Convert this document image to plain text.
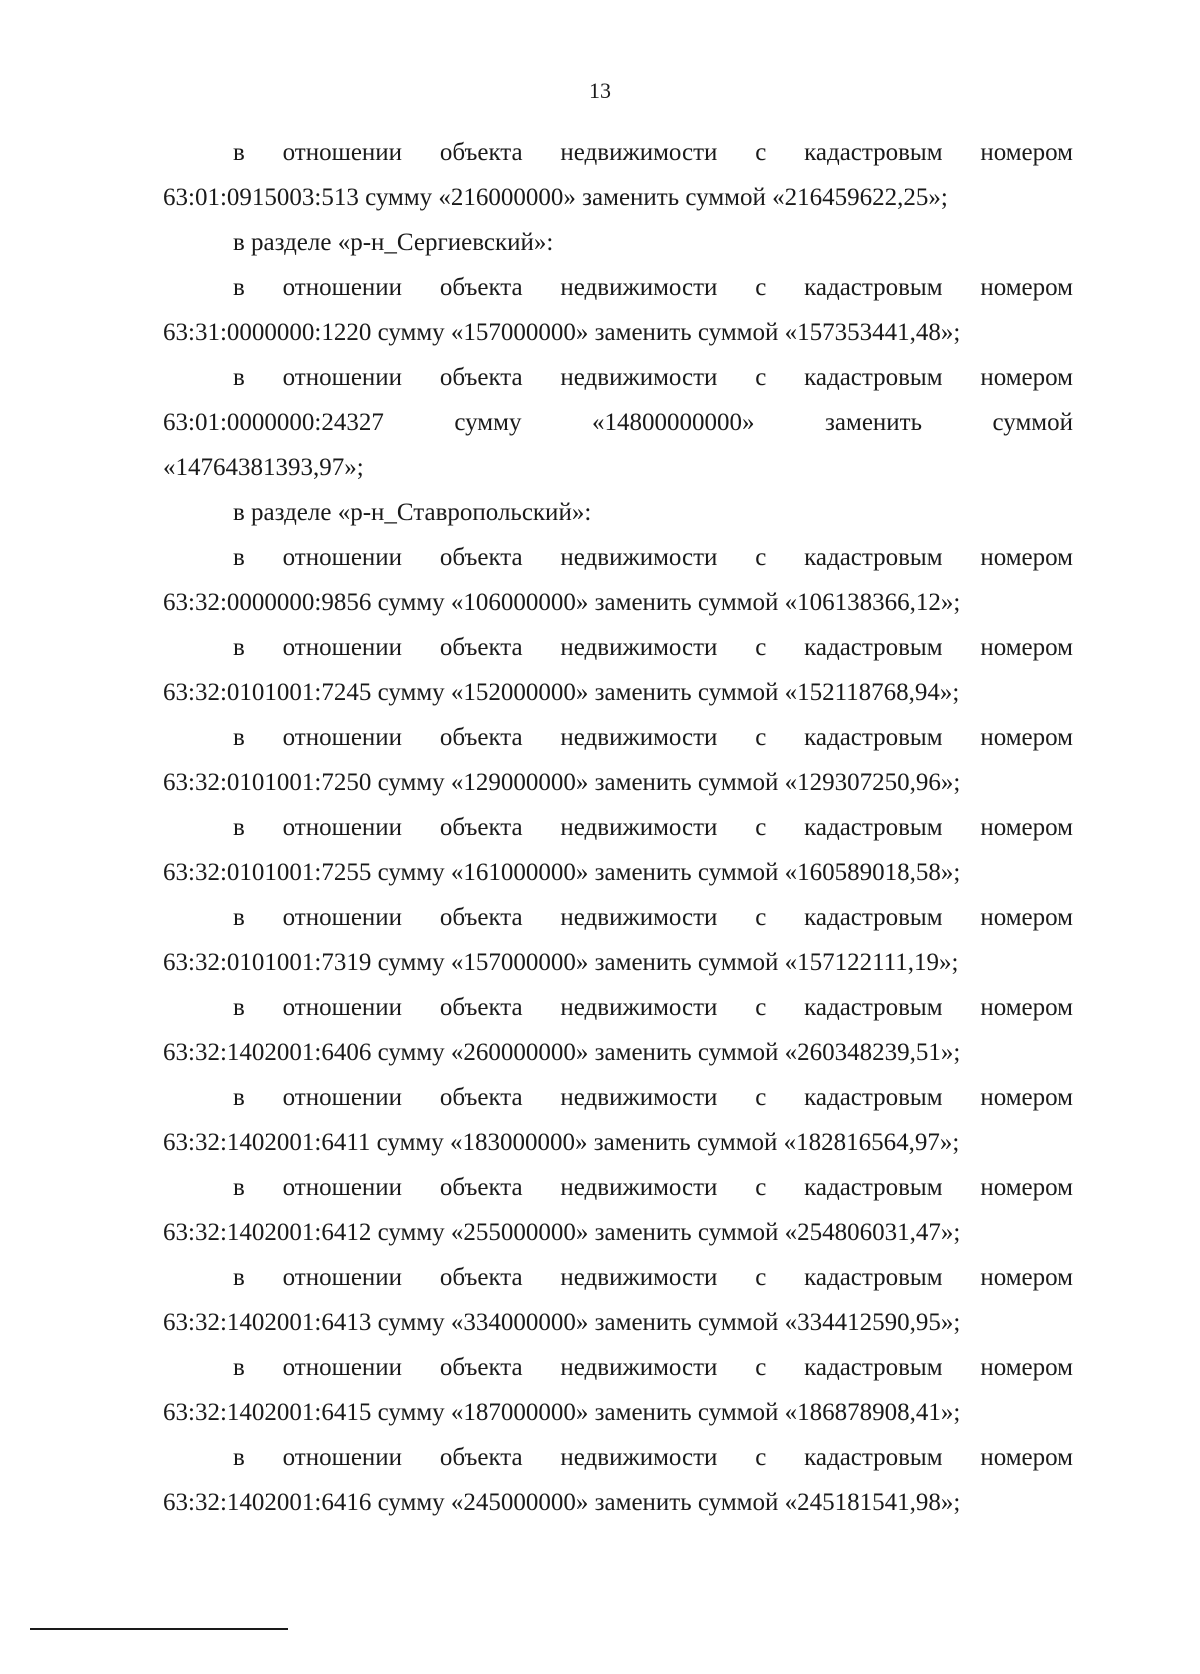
13

в отношении объекта недвижимости с кадастровым номером
63:01:0915003:513 сумму «216000000» заменить суммой «216459622,25»;

в разделе «р-н_Сергиевский»:

в отношении объекта недвижимости с кадастровым номером
63:31:0000000:1220 сумму «157000000» заменить суммой «157353441,48»;

в отношении объекта недвижимости с кадастровым номером
63:01:0000000:24327 сумму «14800000000» заменить суммой
«14764381393,97»;

в разделе «р-н_Ставропольский»:

в отношении объекта недвижимости с кадастровым номером
63:32:0000000:9856 сумму «106000000» заменить суммой «106138366,12»;

в отношении объекта недвижимости с кадастровым номером
63:32:0101001:7245 сумму «152000000» заменить суммой «152118768,94»;

в отношении объекта недвижимости с кадастровым номером
63:32:0101001:7250 сумму «129000000» заменить суммой «129307250,96»;

в отношении объекта недвижимости с кадастровым номером
63:32:0101001:7255 сумму «161000000» заменить суммой «160589018,58»;

в отношении объекта недвижимости с кадастровым номером
63:32:0101001:7319 сумму «157000000» заменить суммой «157122111,19»;

в отношении объекта недвижимости с кадастровым номером
63:32:1402001:6406 сумму «260000000» заменить суммой «260348239,51»;

в отношении объекта недвижимости с кадастровым номером
63:32:1402001:6411 сумму «183000000» заменить суммой «182816564,97»;

в отношении объекта недвижимости с кадастровым номером
63:32:1402001:6412 сумму «255000000» заменить суммой «254806031,47»;

в отношении объекта недвижимости с кадастровым номером
63:32:1402001:6413 сумму «334000000» заменить суммой «334412590,95»;

в отношении объекта недвижимости с кадастровым номером
63:32:1402001:6415 сумму «187000000» заменить суммой «186878908,41»;

в отношении объекта недвижимости с кадастровым номером
63:32:1402001:6416 сумму «245000000» заменить суммой «245181541,98»;
